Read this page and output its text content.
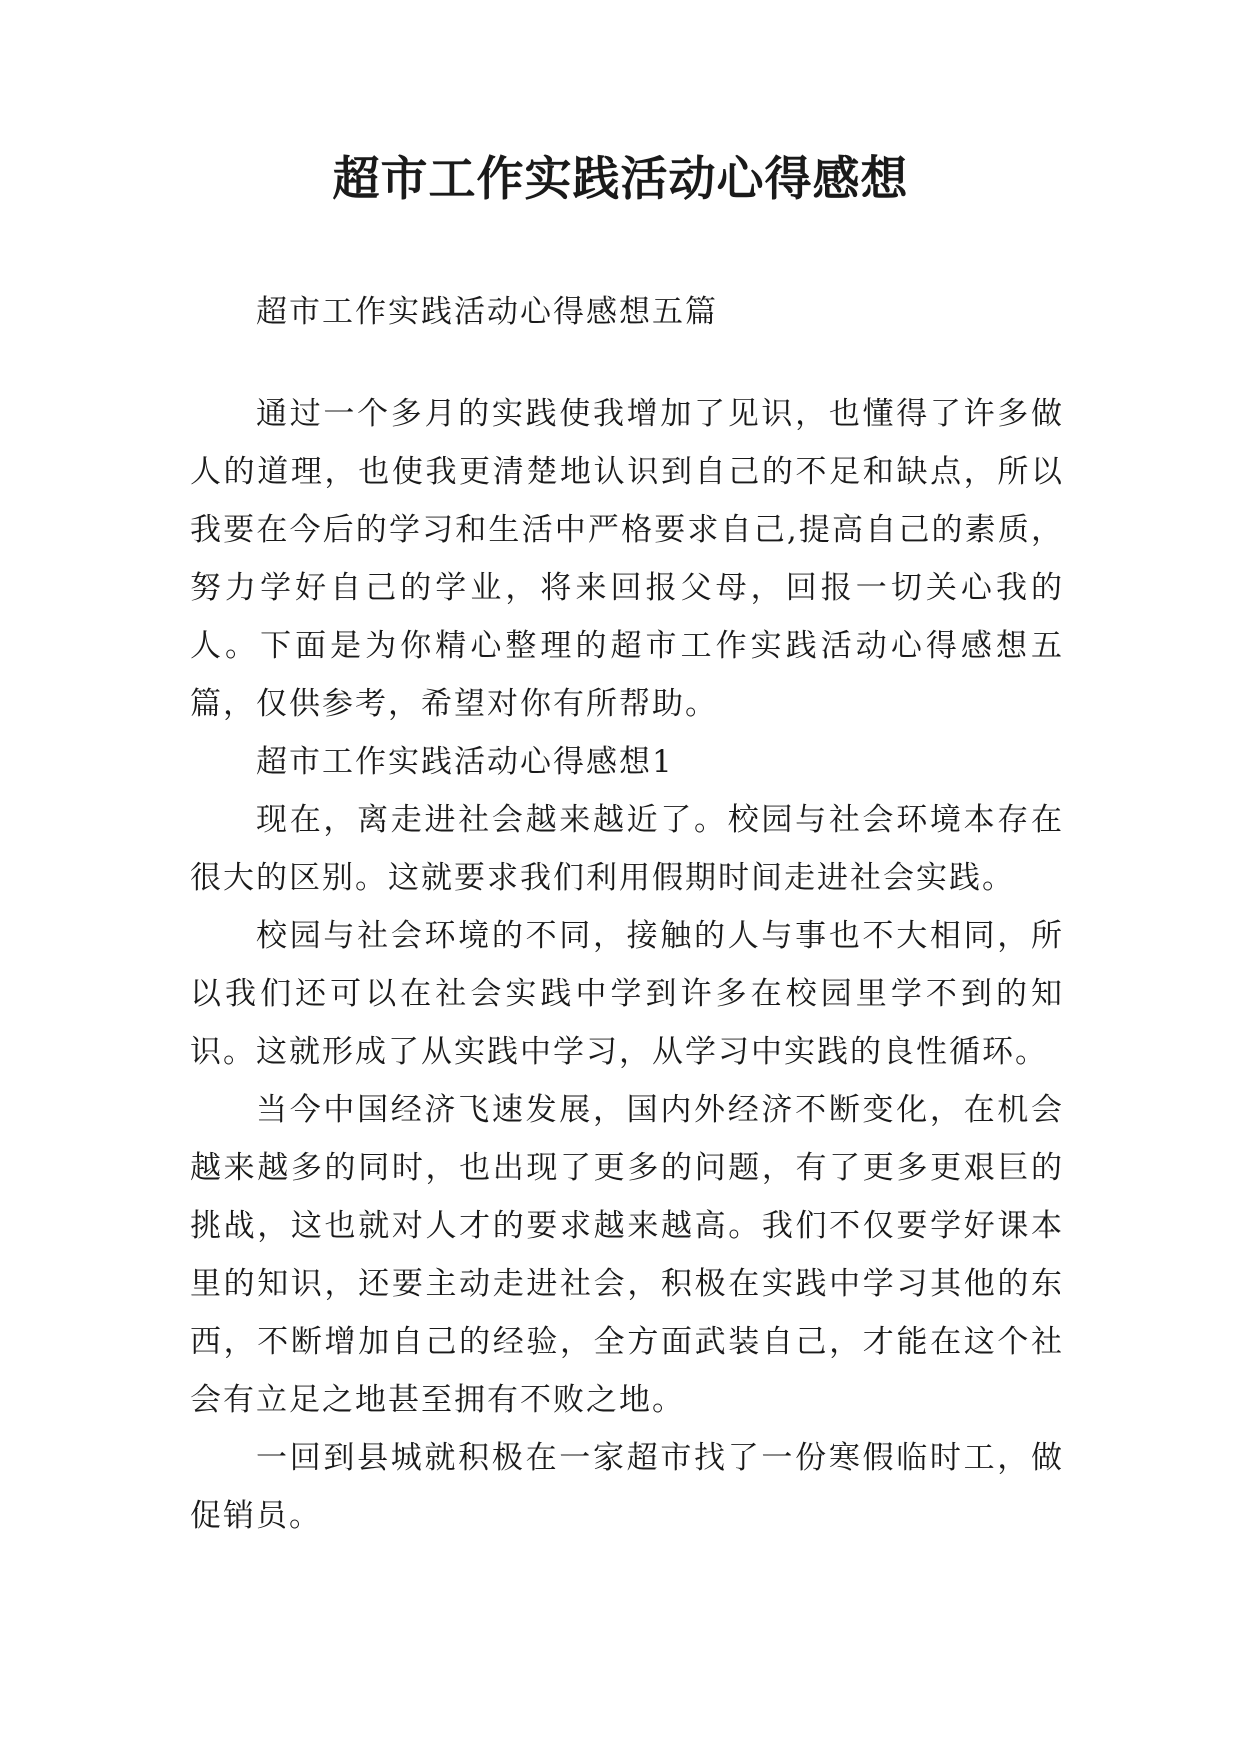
超市工作实践活动心得感想

超市工作实践活动心得感想五篇

通过一个多月的实践使我增加了见识，也懂得了许多做人的道理，也使我更清楚地认识到自己的不足和缺点，所以我要在今后的学习和生活中严格要求自己,提高自己的素质，努力学好自己的学业，将来回报父母，回报一切关心我的人。下面是为你精心整理的超市工作实践活动心得感想五篇，仅供参考，希望对你有所帮助。

超市工作实践活动心得感想1

现在，离走进社会越来越近了。校园与社会环境本存在很大的区别。这就要求我们利用假期时间走进社会实践。

校园与社会环境的不同，接触的人与事也不大相同，所以我们还可以在社会实践中学到许多在校园里学不到的知识。这就形成了从实践中学习，从学习中实践的良性循环。

当今中国经济飞速发展，国内外经济不断变化，在机会越来越多的同时，也出现了更多的问题，有了更多更艰巨的挑战，这也就对人才的要求越来越高。我们不仅要学好课本里的知识，还要主动走进社会，积极在实践中学习其他的东西，不断增加自己的经验，全方面武装自己，才能在这个社会有立足之地甚至拥有不败之地。

一回到县城就积极在一家超市找了一份寒假临时工，做促销员。
